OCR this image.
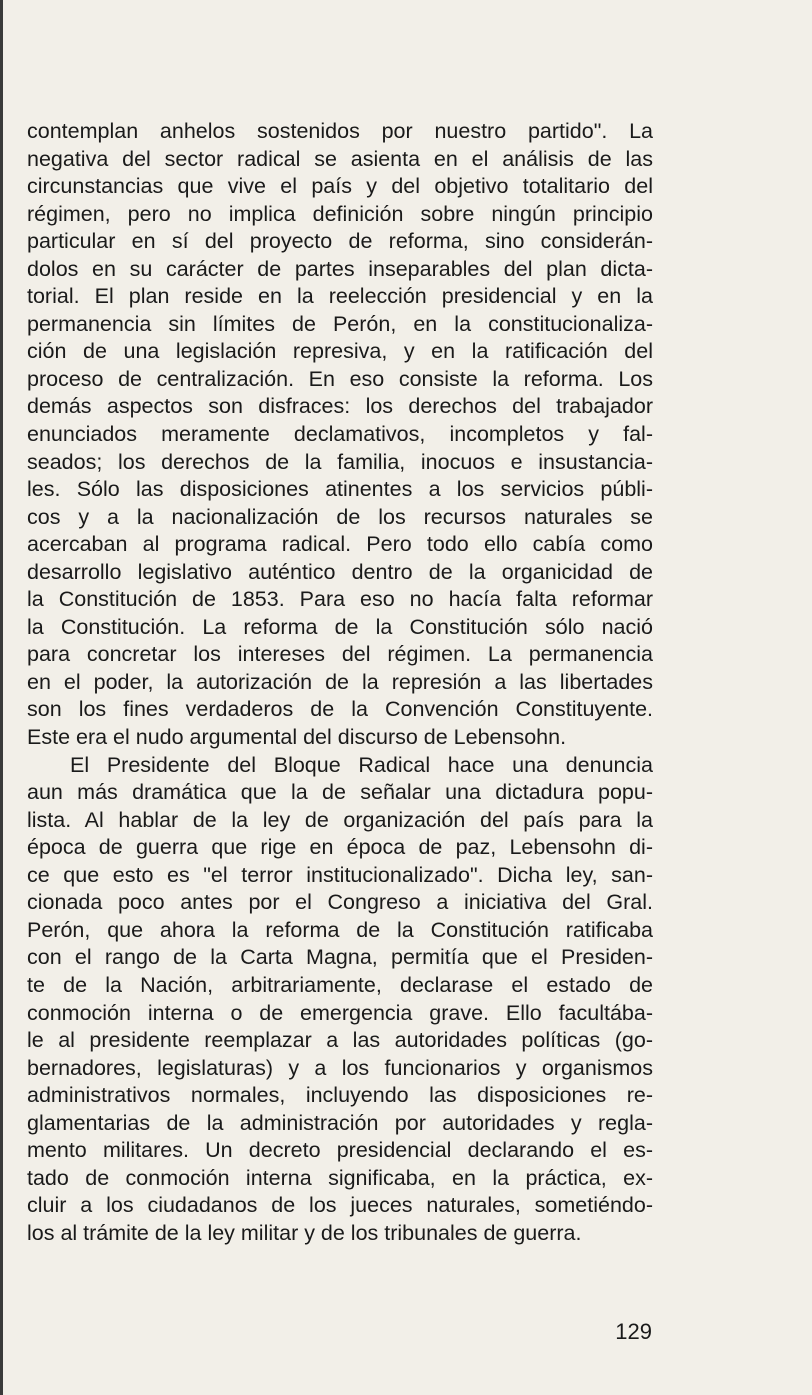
contemplan anhelos sostenidos por nuestro partido". La
negativa del sector radical se asienta en el análisis de las
circunstancias que vive el país y del objetivo totalitario del
régimen, pero no implica definición sobre ningún principio
particular en sí del proyecto de reforma, sino considerán-
dolos en su carácter de partes inseparables del plan dicta-
torial. El plan reside en la reelección presidencial y en la
permanencia sin límites de Perón, en la constitucionaliza-
ción de una legislación represiva, y en la ratificación del
proceso de centralización. En eso consiste la reforma. Los
demás aspectos son disfraces: los derechos del trabajador
enunciados meramente declamativos, incompletos y fal-
seados; los derechos de la familia, inocuos e insustancia-
les. Sólo las disposiciones atinentes a los servicios públi-
cos y a la nacionalización de los recursos naturales se
acercaban al programa radical. Pero todo ello cabía como
desarrollo legislativo auténtico dentro de la organicidad de
la Constitución de 1853. Para eso no hacía falta reformar
la Constitución. La reforma de la Constitución sólo nació
para concretar los intereses del régimen. La permanencia
en el poder, la autorización de la represión a las libertades
son los fines verdaderos de la Convención Constituyente.
Este era el nudo argumental del discurso de Lebensohn.
El Presidente del Bloque Radical hace una denuncia
aun más dramática que la de señalar una dictadura popu-
lista. Al hablar de la ley de organización del país para la
época de guerra que rige en época de paz, Lebensohn di-
ce que esto es "el terror institucionalizado". Dicha ley, san-
cionada poco antes por el Congreso a iniciativa del Gral.
Perón, que ahora la reforma de la Constitución ratificaba
con el rango de la Carta Magna, permitía que el Presiden-
te de la Nación, arbitrariamente, declarase el estado de
conmoción interna o de emergencia grave. Ello facultába-
le al presidente reemplazar a las autoridades políticas (go-
bernadores, legislaturas) y a los funcionarios y organismos
administrativos normales, incluyendo las disposiciones re-
glamentarias de la administración por autoridades y regla-
mento militares. Un decreto presidencial declarando el es-
tado de conmoción interna significaba, en la práctica, ex-
cluir a los ciudadanos de los jueces naturales, sometiéndo-
los al trámite de la ley militar y de los tribunales de guerra.
129
